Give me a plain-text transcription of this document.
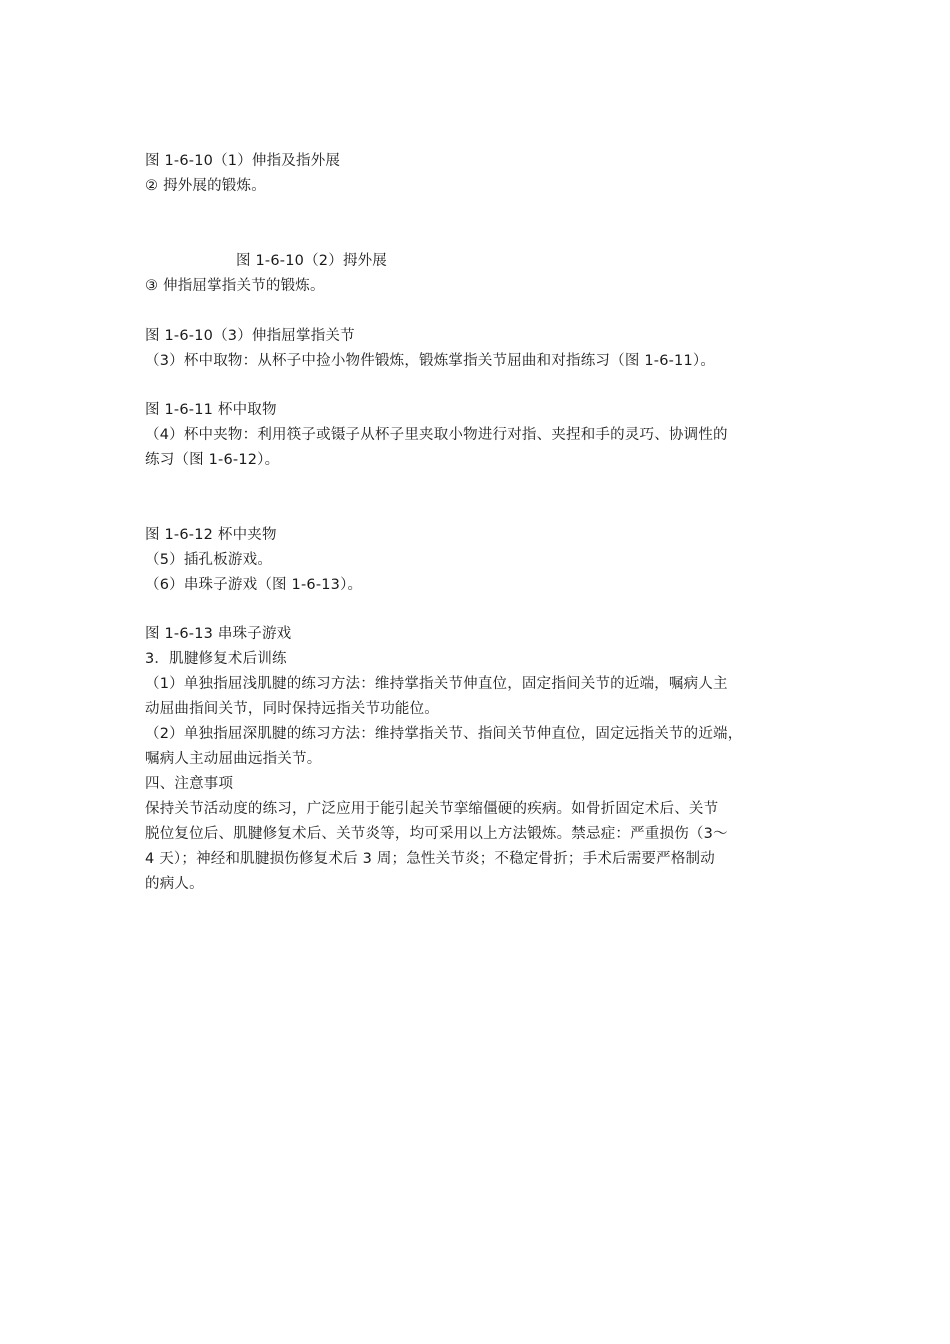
图 1-6-10（1）伸指及指外展
② 拇外展的锻炼。
图 1-6-10（2）拇外展
③ 伸指屈掌指关节的锻炼。
图 1-6-10（3）伸指屈掌指关节
（3）杯中取物：从杯子中捡小物件锻炼，锻炼掌指关节屈曲和对指练习（图 1-6-11）。
图 1-6-11 杯中取物
（4）杯中夹物：利用筷子或镊子从杯子里夹取小物进行对指、夹捏和手的灵巧、协调性的
练习（图 1-6-12）。
图 1-6-12 杯中夹物
（5）插孔板游戏。
（6）串珠子游戏（图 1-6-13）。
图 1-6-13 串珠子游戏
3．肌腱修复术后训练
（1）单独指屈浅肌腱的练习方法：维持掌指关节伸直位，固定指间关节的近端，嘱病人主
动屈曲指间关节，同时保持远指关节功能位。
（2）单独指屈深肌腱的练习方法：维持掌指关节、指间关节伸直位，固定远指关节的近端，
嘱病人主动屈曲远指关节。
四、注意事项
保持关节活动度的练习，广泛应用于能引起关节挛缩僵硬的疾病。如骨折固定术后、关节
脱位复位后、肌腱修复术后、关节炎等，均可采用以上方法锻炼。禁忌症：严重损伤（3～
4 天）；神经和肌腱损伤修复术后 3 周；急性关节炎；不稳定骨折；手术后需要严格制动
的病人。
